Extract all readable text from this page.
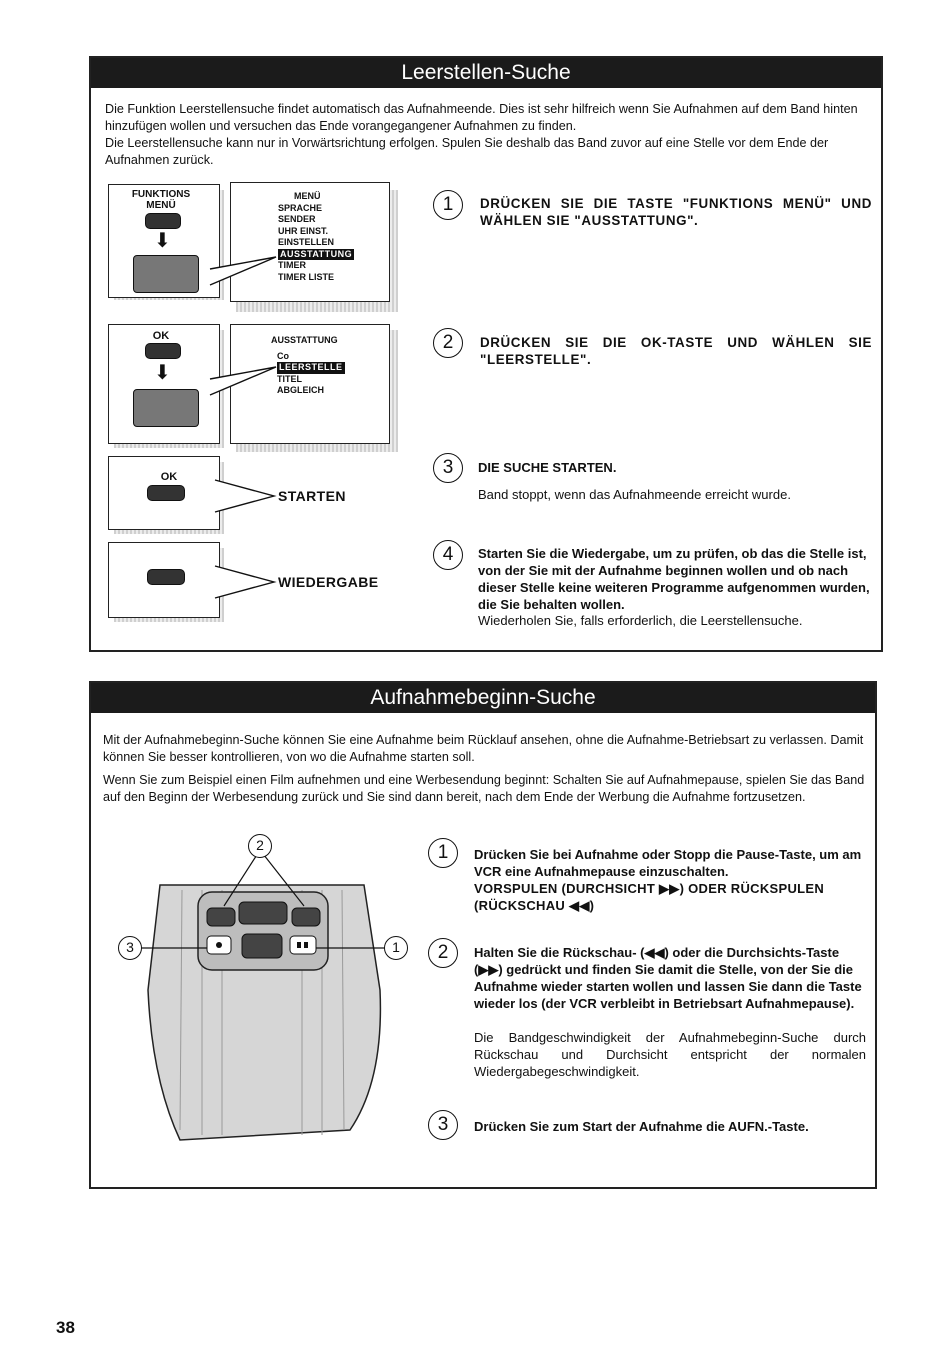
Leerstellen-Suche

Die Funktion Leerstellensuche findet automatisch das Aufnahmeende. Dies ist sehr hilfreich wenn Sie Aufnahmen auf dem Band hinten hinzufügen wollen und versuchen das Ende vorangegangener Aufnahmen zu finden.

Die Leerstellensuche kann nur in Vorwärtsrichtung erfolgen. Spulen Sie deshalb das Band zuvor auf eine Stelle vor dem Ende der Aufnahmen zurück.

FUNKTIONS MENÜ
⬇
MENÜ
SPRACHE
SENDER
UHR EINST.
EINSTELLEN
AUSSTATTUNG
TIMER
TIMER LISTE
OK
⬇
AUSSTATTUNG
Co
LEERSTELLE
TITEL
ABGLEICH
OK
STARTEN
WIEDERGABE
1	DRÜCKEN SIE DIE TASTE "FUNKTIONS MENÜ" UND WÄHLEN SIE "AUSSTATTUNG".
2	DRÜCKEN SIE DIE OK-TASTE UND WÄHLEN SIE "LEERSTELLE".
3	DIE SUCHE STARTEN.
Band stoppt, wenn das Aufnahmeende erreicht wurde.
4	Starten Sie die Wiedergabe, um zu prüfen, ob das die Stelle ist, von der Sie mit der Aufnahme beginnen wollen und ob nach dieser Stelle keine weiteren Programme aufgenommen wurden, die Sie behalten wollen.
Wiederholen Sie, falls erforderlich, die Leerstellensuche.
Aufnahmebeginn-Suche

Mit der Aufnahmebeginn-Suche können Sie eine Aufnahme beim Rücklauf ansehen, ohne die Aufnahme-Betriebsart zu verlassen. Damit können Sie besser kontrollieren, von wo die Aufnahme starten soll.

Wenn Sie zum Beispiel einen Film aufnehmen und eine Werbesendung beginnt: Schalten Sie auf Aufnahmepause, spielen Sie das Band auf den Beginn der Werbesendung zurück und Sie sind dann bereit, nach dem Ende der Werbung die Aufnahme fortzusetzen.

2
3	1
1	Drücken Sie bei Aufnahme oder Stopp die Pause-Taste, um am VCR eine Aufnahmepause einzuschalten.
VORSPULEN (DURCHSICHT ▶▶) ODER RÜCKSPULEN (RÜCKSCHAU ◀◀)
2	Halten Sie die Rückschau- (◀◀) oder die Durchsichts-Taste (▶▶) gedrückt und finden Sie damit die Stelle, von der Sie die Aufnahme wieder starten wollen und lassen Sie dann die Taste wieder los (der VCR verbleibt in Betriebsart Aufnahmepause).
Die Bandgeschwindigkeit der Aufnahmebeginn-Suche durch Rückschau und Durchsicht entspricht der normalen Wiedergabegeschwindigkeit.
3	Drücken Sie zum Start der Aufnahme die AUFN.-Taste.
38
